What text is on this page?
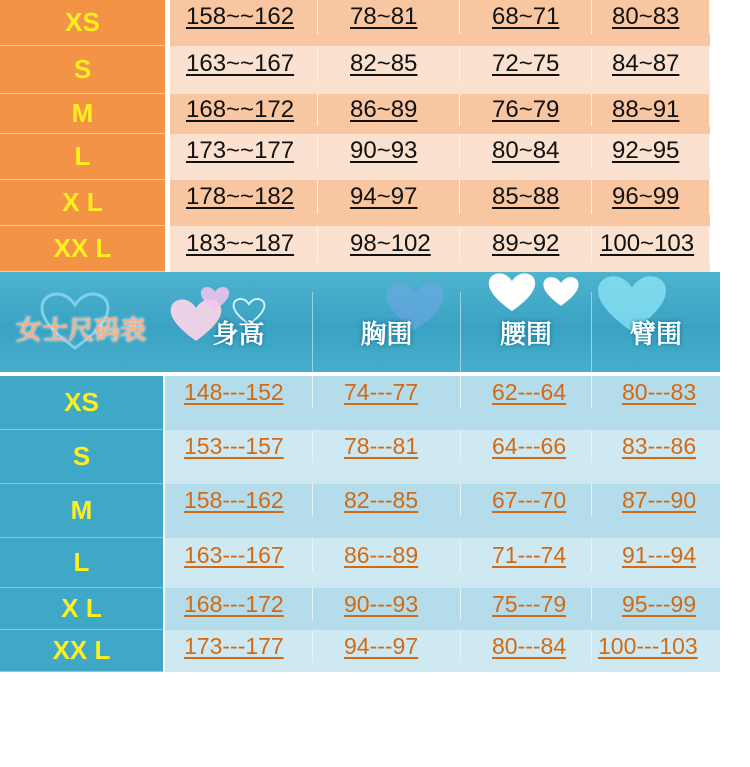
XS	158~~162	78~81	68~71	80~83
S	163~~167	82~85	72~75	84~87
M	168~~172	86~89	76~79	88~91
L	173~~177	90~93	80~84	92~95
X L	178~~182	94~97	85~88	96~99
XX L	183~~187	98~102	89~92	100~103
女士尺码表	身高	胸围	腰围	臂围
XS	148---152	74---77	62---64	80---83
S	153---157	78---81	64---66	83---86
M	158---162	82---85	67---70	87---90
L	163---167	86---89	71---74	91---94
X L	168---172	90---93	75---79	95---99
XX L	173---177	94---97	80---84	100---103
